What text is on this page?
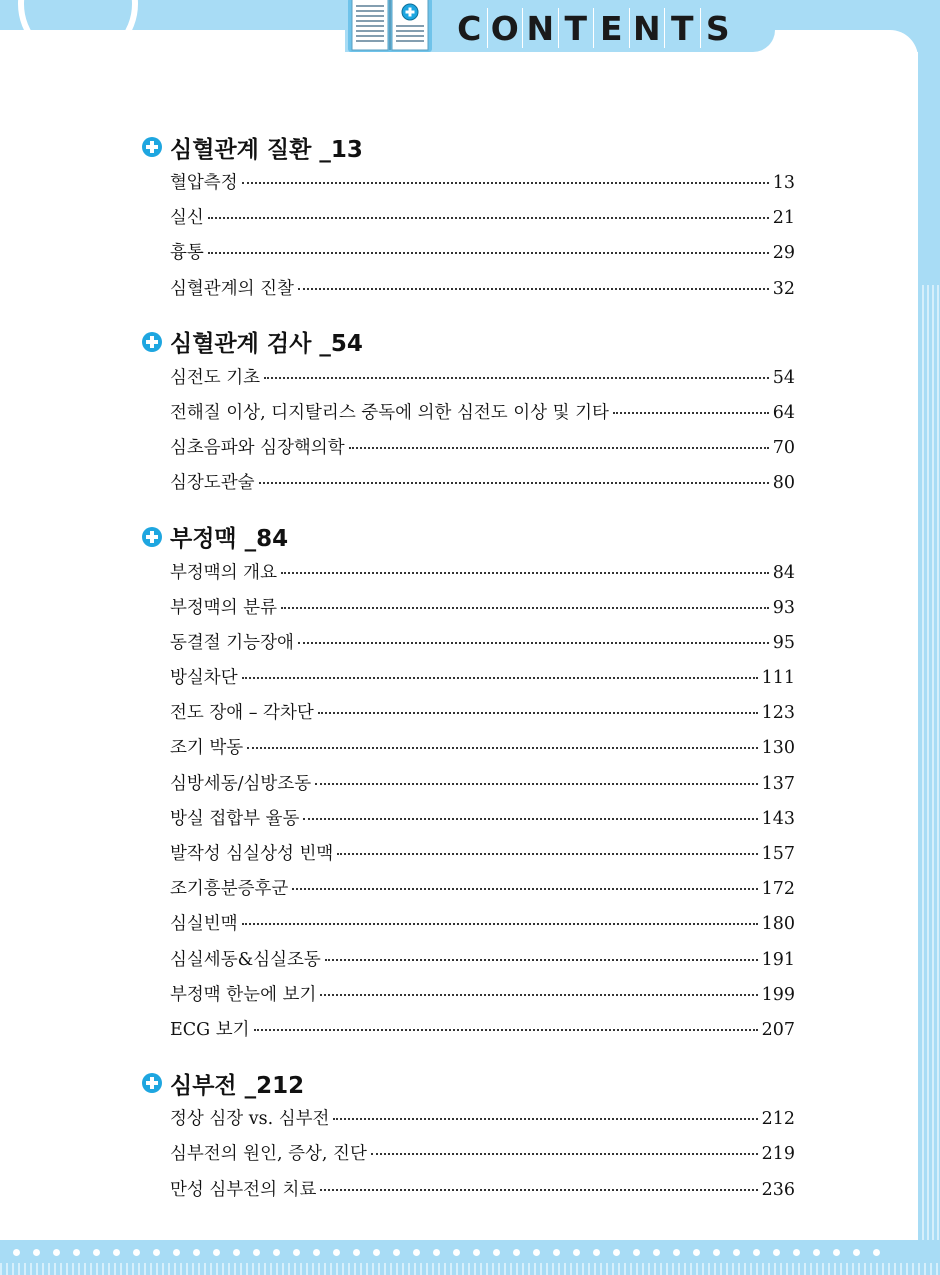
C O N T E N T S
심혈관계 질환 _13
혈압측정	13
실신	21
흉통	29
심혈관계의 진찰	32
심혈관계 검사 _54
심전도 기초	54
전해질 이상, 디지탈리스 중독에 의한 심전도 이상 및 기타	64
심초음파와 심장핵의학	70
심장도관술	80
부정맥 _84
부정맥의 개요	84
부정맥의 분류	93
동결절 기능장애	95
방실차단	111
전도 장애 – 각차단	123
조기 박동	130
심방세동/심방조동	137
방실 접합부 율동	143
발작성 심실상성 빈맥	157
조기흥분증후군	172
심실빈맥	180
심실세동&심실조동	191
부정맥 한눈에 보기	199
ECG 보기	207
심부전 _212
정상 심장 vs. 심부전	212
심부전의 원인, 증상, 진단	219
만성 심부전의 치료	236
